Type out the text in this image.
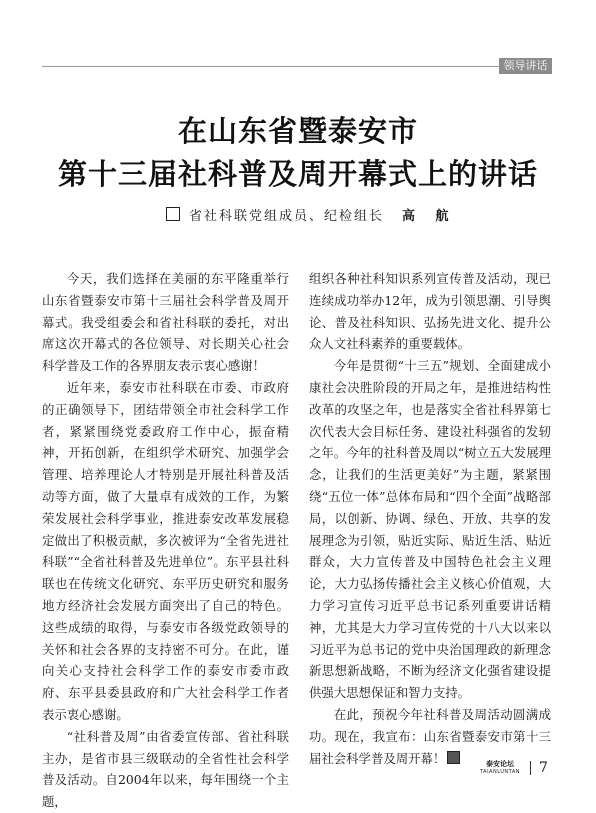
领导讲话
在山东省暨泰安市
第十三届社科普及周开幕式上的讲话
省社科联党组成员、纪检组长 高 航

今天，我们选择在美丽的东平隆重举行山东省暨泰安市第十三届社会科学普及周开幕式。我受组委会和省社科联的委托，对出席这次开幕式的各位领导、对长期关心社会科学普及工作的各界朋友表示衷心感谢！

近年来，泰安市社科联在市委、市政府的正确领导下，团结带领全市社会科学工作者，紧紧围绕党委政府工作中心，振奋精神，开拓创新，在组织学术研究、加强学会管理、培养理论人才特别是开展社科普及活动等方面，做了大量卓有成效的工作，为繁荣发展社会科学事业，推进泰安改革发展稳定做出了积极贡献，多次被评为“全省先进社科联”“全省社科普及先进单位”。东平县社科联也在传统文化研究、东平历史研究和服务地方经济社会发展方面突出了自己的特色。这些成绩的取得，与泰安市各级党政领导的关怀和社会各界的支持密不可分。在此，谨向关心支持社会科学工作的泰安市委市政府、东平县委县政府和广大社会科学工作者表示衷心感谢。

“社科普及周”由省委宣传部、省社科联主办，是省市县三级联动的全省性社会科学普及活动。自2004年以来，每年围绕一个主题，

组织各种社科知识系列宣传普及活动，现已连续成功举办12年，成为引领思潮、引导舆论、普及社科知识、弘扬先进文化、提升公众人文社科素养的重要载体。

今年是贯彻“十三五”规划、全面建成小康社会决胜阶段的开局之年，是推进结构性改革的攻坚之年，也是落实全省社科界第七次代表大会目标任务、建设社科强省的发轫之年。今年的社科普及周以“树立五大发展理念，让我们的生活更美好”为主题，紧紧围绕“五位一体”总体布局和“四个全面”战略部局，以创新、协调、绿色、开放、共享的发展理念为引领，贴近实际、贴近生活、贴近群众，大力宣传普及中国特色社会主义理论，大力弘扬传播社会主义核心价值观，大力学习宣传习近平总书记系列重要讲话精神，尤其是大力学习宣传党的十八大以来以习近平为总书记的党中央治国理政的新理念新思想新战略，不断为经济文化强省建设提供强大思想保证和智力支持。

在此，预祝今年社科普及周活动圆满成功。现在，我宣布：山东省暨泰安市第十三届社会科学普及周开幕！	泰安论坛
TAIANLUNTAN 7
